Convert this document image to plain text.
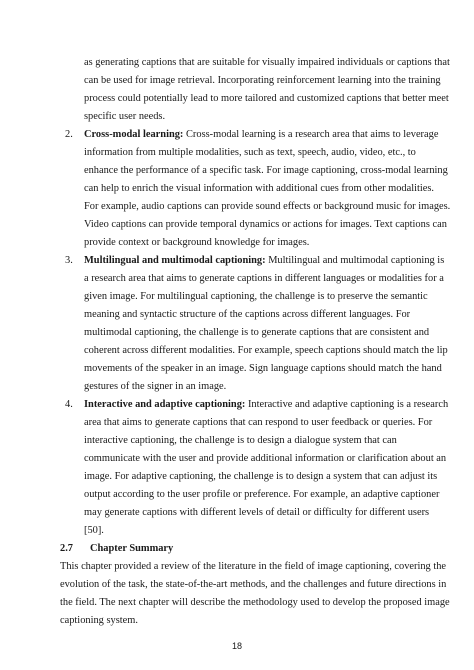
as generating captions that are suitable for visually impaired individuals or captions that
can be used for image retrieval. Incorporating reinforcement learning into the training
process could potentially lead to more tailored and customized captions that better meet
specific user needs.
2. Cross-modal learning: Cross-modal learning is a research area that aims to leverage
information from multiple modalities, such as text, speech, audio, video, etc., to
enhance the performance of a specific task. For image captioning, cross-modal learning
can help to enrich the visual information with additional cues from other modalities.
For example, audio captions can provide sound effects or background music for images.
Video captions can provide temporal dynamics or actions for images. Text captions can
provide context or background knowledge for images.
3. Multilingual and multimodal captioning: Multilingual and multimodal captioning is
a research area that aims to generate captions in different languages or modalities for a
given image. For multilingual captioning, the challenge is to preserve the semantic
meaning and syntactic structure of the captions across different languages. For
multimodal captioning, the challenge is to generate captions that are consistent and
coherent across different modalities. For example, speech captions should match the lip
movements of the speaker in an image. Sign language captions should match the hand
gestures of the signer in an image.
4. Interactive and adaptive captioning: Interactive and adaptive captioning is a research
area that aims to generate captions that can respond to user feedback or queries. For
interactive captioning, the challenge is to design a dialogue system that can
communicate with the user and provide additional information or clarification about an
image. For adaptive captioning, the challenge is to design a system that can adjust its
output according to the user profile or preference. For example, an adaptive captioner
may generate captions with different levels of detail or difficulty for different users
[50].
2.7 Chapter Summary
This chapter provided a review of the literature in the field of image captioning, covering the
evolution of the task, the state-of-the-art methods, and the challenges and future directions in
the field. The next chapter will describe the methodology used to develop the proposed image
captioning system.
18
